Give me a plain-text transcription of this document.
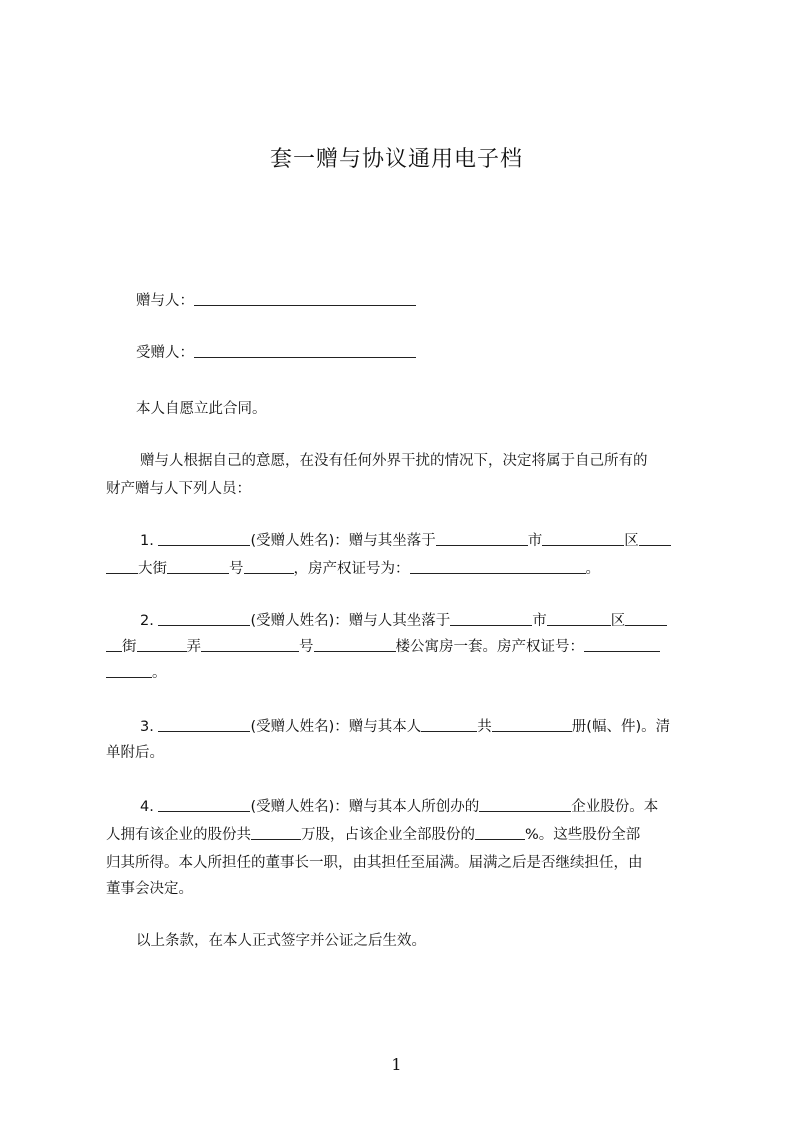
套一赠与协议通用电子档
赠与人：
受赠人：
本人自愿立此合同。
赠与人根据自己的意愿，在没有任何外界干扰的情况下，决定将属于自己所有的
财产赠与人下列人员：
1.	(受赠人姓名)：赠与其坐落于	市	区
大街	号	，房产权证号为：	。
2.	(受赠人姓名)：赠与人其坐落于	市	区
街	弄	号	楼公寓房一套。房产权证号：
。
3.	(受赠人姓名)：赠与其本人	共	册(幅、件)。清
单附后。
4.	(受赠人姓名)：赠与其本人所创办的	企业股份。本
人拥有该企业的股份共	万股，占该企业全部股份的	%。这些股份全部
归其所得。本人所担任的董事长一职，由其担任至届满。届满之后是否继续担任，由
董事会决定。
以上条款，在本人正式签字并公证之后生效。
1
